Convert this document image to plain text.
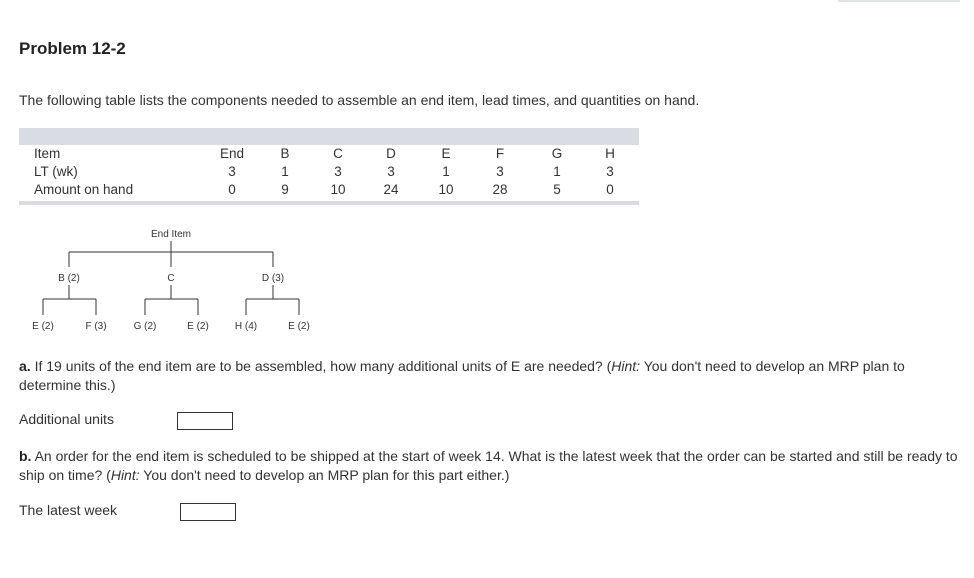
Problem 12-2
The following table lists the components needed to assemble an end item, lead times, and quantities on hand.
Item	End	B	C	D	E	F	G	H
LT (wk)	3	1	3	3	1	3	1	3
Amount on hand	0	9	10	24	10	28	5	0
End Item
B (2)	C	D (3)
E (2)	F (3)	G (2)	E (2)	H (4)	E (2)
a. If 19 units of the end item are to be assembled, how many additional units of E are needed? (Hint: You don't need to develop an MRP plan to determine this.)
Additional units
b. An order for the end item is scheduled to be shipped at the start of week 14. What is the latest week that the order can be started and still be ready to ship on time? (Hint: You don't need to develop an MRP plan for this part either.)
The latest week
